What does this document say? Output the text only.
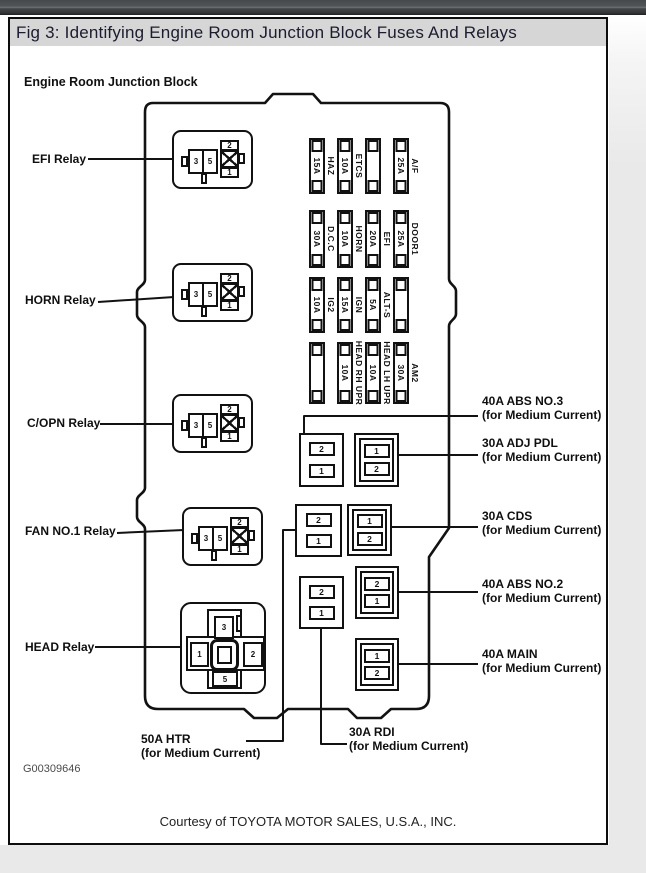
Fig 3: Identifying Engine Room Junction Block Fuses And Relays
Engine Room Junction Block
EFI Relay	3	5
2
1
HORN Relay	3	5
2
1
C/OPN Relay	3	5
2
1
FAN NO.1 Relay
3	5
2
1
HEAD Relay
3
1	2
5
15A HAZ 10A ETCS	25A A/F
30A D.C.C 10A HORN 20A EFI 25A DOOR1
10A IG2 15A IGN 5A ALT-S
10A HEAD RH UPR 10A HEAD LH UPR 30A AM2
2
1
1
2
2
1
1
2
2
1
2
1
1
2
40A ABS NO.3
(for Medium Current)
30A ADJ PDL
(for Medium Current)
30A CDS
(for Medium Current)
40A ABS NO.2
(for Medium Current)
40A MAIN
(for Medium Current)
50A HTR
(for Medium Current)
30A RDI
(for Medium Current)
G00309646
Courtesy of TOYOTA MOTOR SALES, U.S.A., INC.
